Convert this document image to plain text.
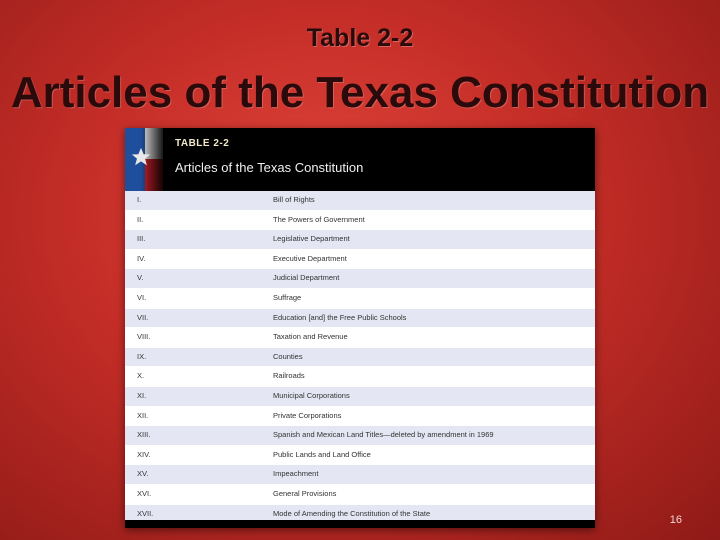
Table 2-2
Articles of the Texas Constitution
TABLE 2-2
Articles of the Texas Constitution
I.	Bill of Rights
II.	The Powers of Government
III.	Legislative Department
IV.	Executive Department
V.	Judicial Department
VI.	Suffrage
VII.	Education [and] the Free Public Schools
VIII.	Taxation and Revenue
IX.	Counties
X.	Railroads
XI.	Municipal Corporations
XII.	Private Corporations
XIII.	Spanish and Mexican Land Titles—deleted by amendment in 1969
XIV.	Public Lands and Land Office
XV.	Impeachment
XVI.	General Provisions
XVII.	Mode of Amending the Constitution of the State
16
